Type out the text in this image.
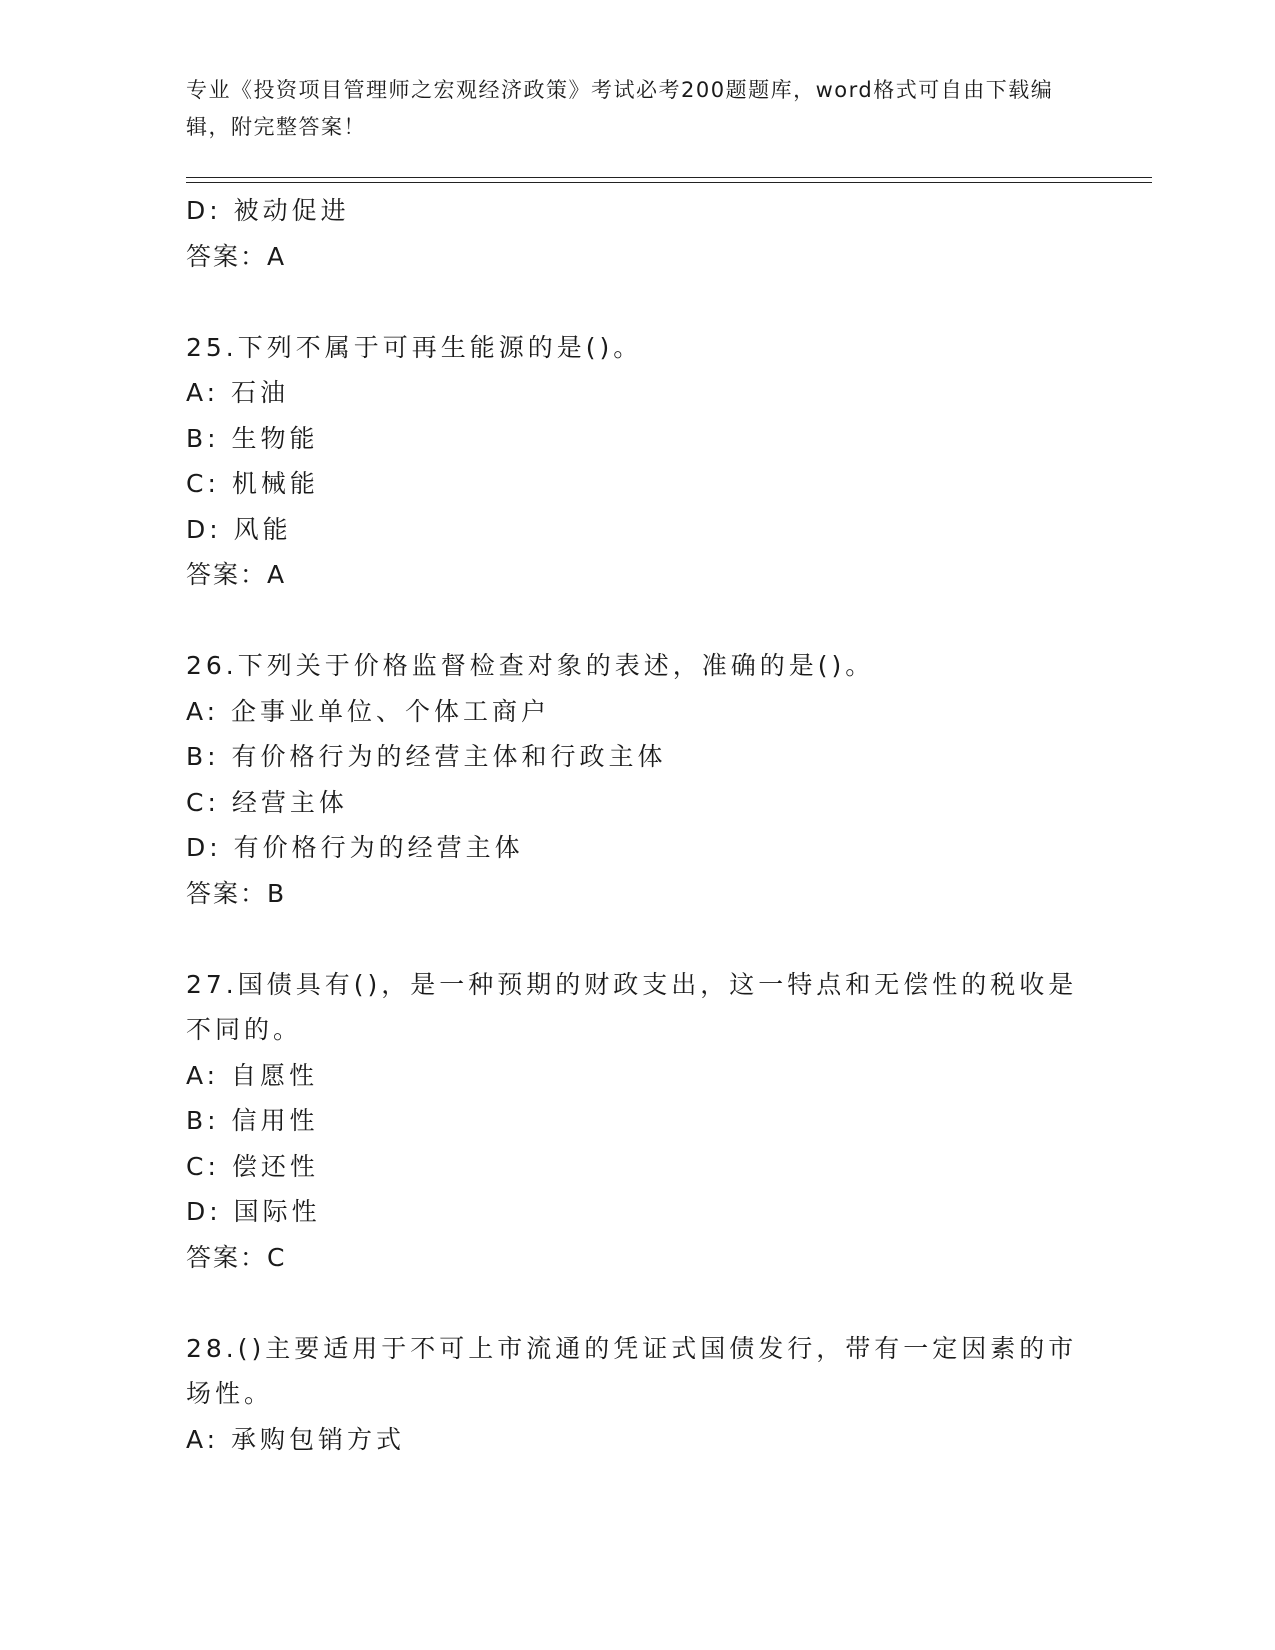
专业《投资项目管理师之宏观经济政策》考试必考200题题库，word格式可自由下载编辑，附完整答案！
D: 被动促进
答案：A
25.下列不属于可再生能源的是()。
A: 石油
B: 生物能
C: 机械能
D: 风能
答案：A
26.下列关于价格监督检查对象的表述，准确的是()。
A: 企事业单位、个体工商户
B: 有价格行为的经营主体和行政主体
C: 经营主体
D: 有价格行为的经营主体
答案：B
27.国债具有()，是一种预期的财政支出，这一特点和无偿性的税收是
不同的。
A: 自愿性
B: 信用性
C: 偿还性
D: 国际性
答案：C
28.()主要适用于不可上市流通的凭证式国债发行，带有一定因素的市
场性。
A: 承购包销方式
